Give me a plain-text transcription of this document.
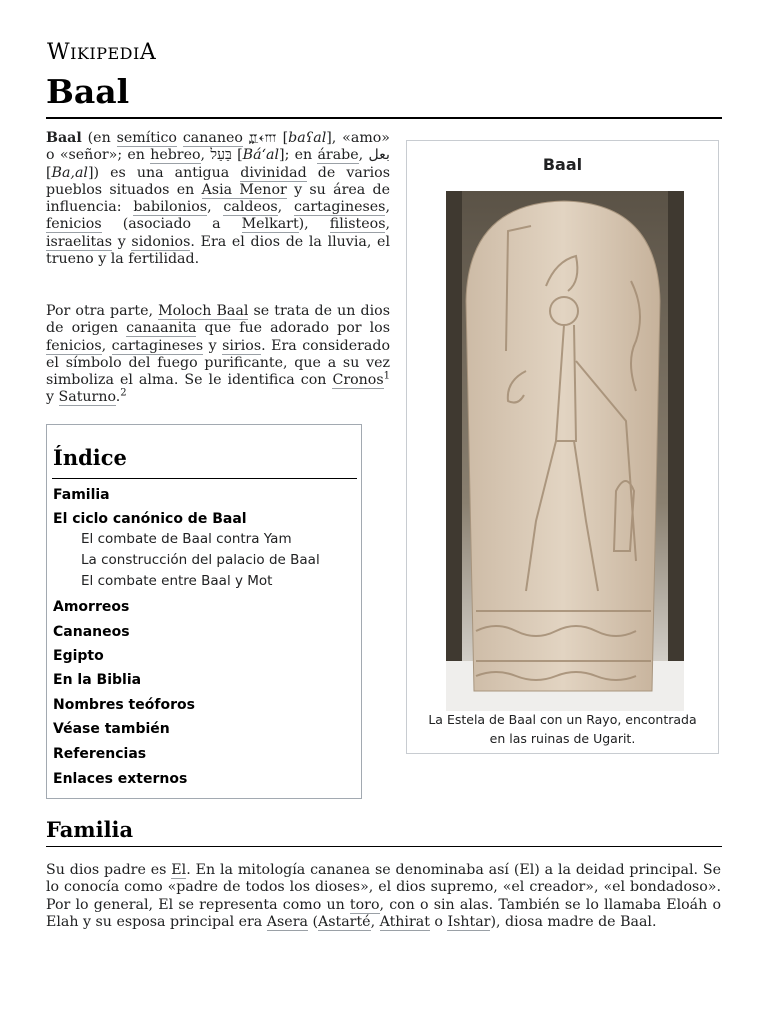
WIKIPEDIA
Baal

Baal (en semítico cananeo 𐎁𐎓𐎍 [baʕal], «amo» o «señor»; en hebreo, בַּעַל [Báʻal]; en árabe, بعل [Ba,al]) es una antigua divinidad de varios pueblos situados en Asia Menor y su área de influencia: babilonios, caldeos, cartagineses, fenicios (asociado a Melkart), filisteos, israelitas y sidonios. Era el dios de la lluvia, el trueno y la fertilidad.

Por otra parte, Moloch Baal se trata de un dios de origen canaanita que fue adorado por los fenicios, cartagineses y sirios. Era considerado el símbolo del fuego purificante, que a su vez simboliza el alma. Se le identifica con Cronos$^1$ y Saturno.$^2$

Baal
La Estela de Baal con un Rayo, encontrada
en las ruinas de Ugarit.
Índice
Familia
El ciclo canónico de Baal
Amorreos
Cananeos
Egipto
En la Biblia
Nombres teóforos
Véase también
Referencias
Enlaces externos
El combate de Baal contra Yam
La construcción del palacio de Baal
El combate entre Baal y Mot
Familia

Su dios padre es El. En la mitología cananea se denominaba así (El) a la deidad principal. Se lo conocía como «padre de todos los dioses», el dios supremo, «el creador», «el bondadoso». Por lo general, El se representa como un toro, con o sin alas. También se lo llamaba Eloáh o Elah y su esposa principal era Asera (Astarté, Athirat o Ishtar), diosa madre de Baal.
